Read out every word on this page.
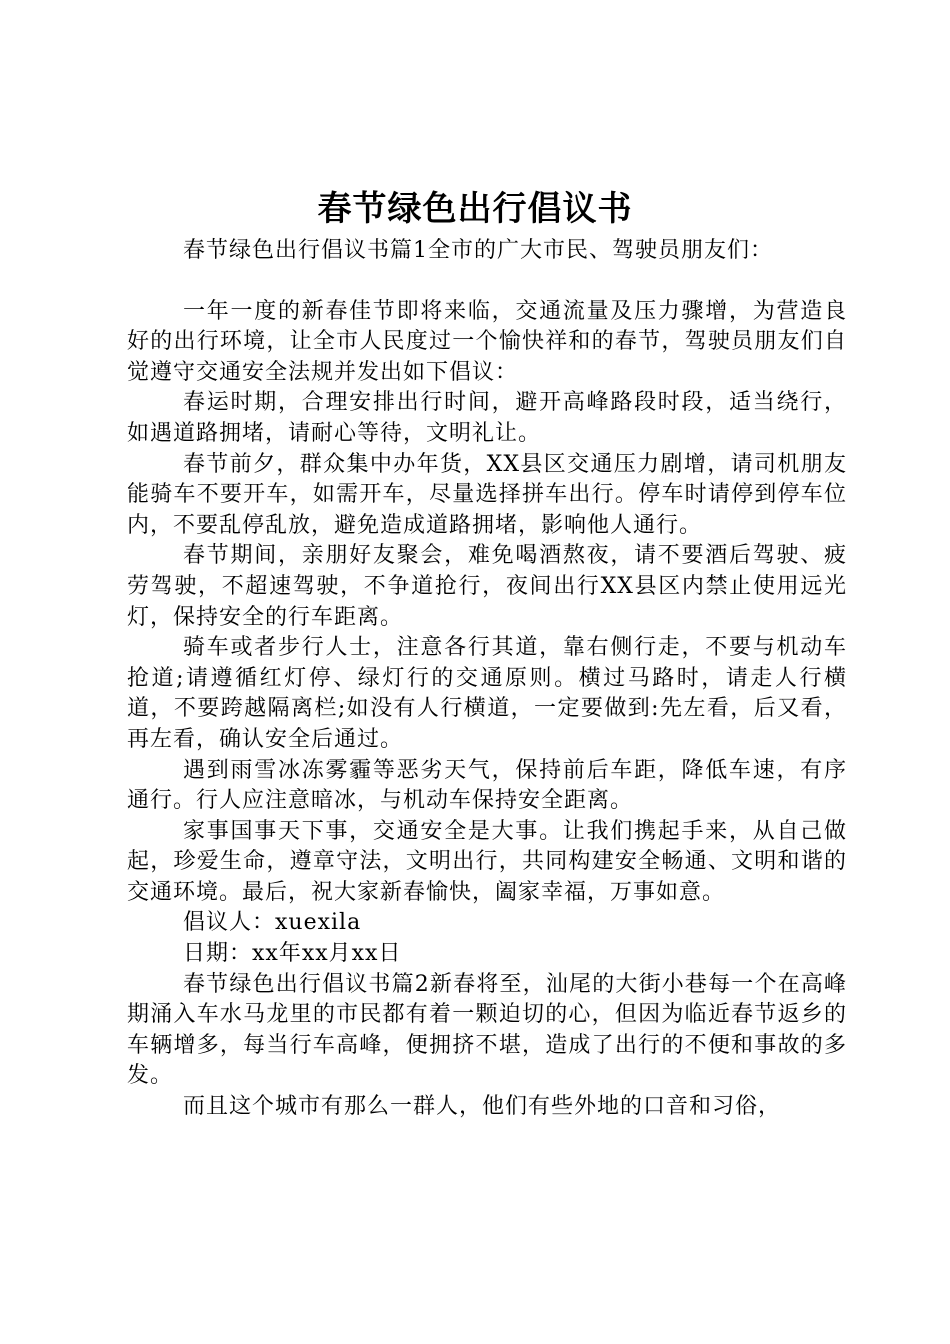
春节绿色出行倡议书

春节绿色出行倡议书篇1全市的广大市民、驾驶员朋友们：

一年一度的新春佳节即将来临，交通流量及压力骤增，为营造良好的出行环境，让全市人民度过一个愉快祥和的春节，驾驶员朋友们自觉遵守交通安全法规并发出如下倡议：

春运时期，合理安排出行时间，避开高峰路段时段，适当绕行，如遇道路拥堵，请耐心等待，文明礼让。

春节前夕，群众集中办年货，XX县区交通压力剧增，请司机朋友能骑车不要开车，如需开车，尽量选择拼车出行。停车时请停到停车位内，不要乱停乱放，避免造成道路拥堵，影响他人通行。

春节期间，亲朋好友聚会，难免喝酒熬夜，请不要酒后驾驶、疲劳驾驶，不超速驾驶，不争道抢行，夜间出行XX县区内禁止使用远光灯，保持安全的行车距离。

骑车或者步行人士，注意各行其道，靠右侧行走，不要与机动车抢道;请遵循红灯停、绿灯行的交通原则。横过马路时，请走人行横道，不要跨越隔离栏;如没有人行横道，一定要做到:先左看，后又看，再左看，确认安全后通过。

遇到雨雪冰冻雾霾等恶劣天气，保持前后车距，降低车速，有序通行。行人应注意暗冰，与机动车保持安全距离。

家事国事天下事，交通安全是大事。让我们携起手来，从自己做起，珍爱生命，遵章守法，文明出行，共同构建安全畅通、文明和谐的交通环境。最后，祝大家新春愉快，阖家幸福，万事如意。

倡议人：xuexila

日期：xx年xx月xx日

春节绿色出行倡议书篇2新春将至，汕尾的大街小巷每一个在高峰期涌入车水马龙里的市民都有着一颗迫切的心，但因为临近春节返乡的车辆增多，每当行车高峰，便拥挤不堪，造成了出行的不便和事故的多发。

而且这个城市有那么一群人，他们有些外地的口音和习俗，
